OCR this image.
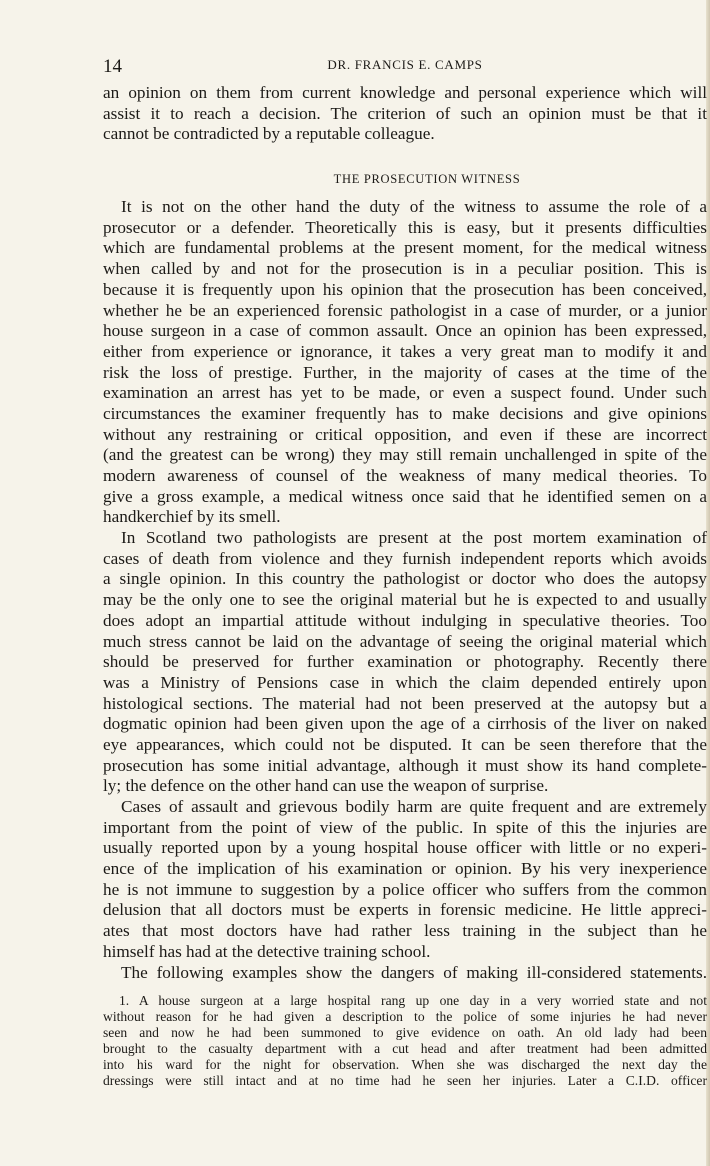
14	DR. FRANCIS E. CAMPS
an opinion on them from current knowledge and personal experience which will
assist it to reach a decision. The criterion of such an opinion must be that it
cannot be contradicted by a reputable colleague.
THE PROSECUTION WITNESS
It is not on the other hand the duty of the witness to assume the role of a
prosecutor or a defender. Theoretically this is easy, but it presents difficulties
which are fundamental problems at the present moment, for the medical witness
when called by and not for the prosecution is in a peculiar position. This is
because it is frequently upon his opinion that the prosecution has been conceived,
whether he be an experienced forensic pathologist in a case of murder, or a junior
house surgeon in a case of common assault. Once an opinion has been expressed,
either from experience or ignorance, it takes a very great man to modify it and
risk the loss of prestige. Further, in the majority of cases at the time of the
examination an arrest has yet to be made, or even a suspect found. Under such
circumstances the examiner frequently has to make decisions and give opinions
without any restraining or critical opposition, and even if these are incorrect
(and the greatest can be wrong) they may still remain unchallenged in spite of the
modern awareness of counsel of the weakness of many medical theories. To
give a gross example, a medical witness once said that he identified semen on a
handkerchief by its smell.
In Scotland two pathologists are present at the post mortem examination of
cases of death from violence and they furnish independent reports which avoids
a single opinion. In this country the pathologist or doctor who does the autopsy
may be the only one to see the original material but he is expected to and usually
does adopt an impartial attitude without indulging in speculative theories. Too
much stress cannot be laid on the advantage of seeing the original material which
should be preserved for further examination or photography. Recently there
was a Ministry of Pensions case in which the claim depended entirely upon
histological sections. The material had not been preserved at the autopsy but a
dogmatic opinion had been given upon the age of a cirrhosis of the liver on naked
eye appearances, which could not be disputed. It can be seen therefore that the
prosecution has some initial advantage, although it must show its hand complete-
ly; the defence on the other hand can use the weapon of surprise.
Cases of assault and grievous bodily harm are quite frequent and are extremely
important from the point of view of the public. In spite of this the injuries are
usually reported upon by a young hospital house officer with little or no experi-
ence of the implication of his examination or opinion. By his very inexperience
he is not immune to suggestion by a police officer who suffers from the common
delusion that all doctors must be experts in forensic medicine. He little appreci-
ates that most doctors have had rather less training in the subject than he
himself has had at the detective training school.
The following examples show the dangers of making ill-considered statements.
1. A house surgeon at a large hospital rang up one day in a very worried state and not
without reason for he had given a description to the police of some injuries he had never
seen and now he had been summoned to give evidence on oath. An old lady had been
brought to the casualty department with a cut head and after treatment had been admitted
into his ward for the night for observation. When she was discharged the next day the
dressings were still intact and at no time had he seen her injuries. Later a C.I.D. officer
